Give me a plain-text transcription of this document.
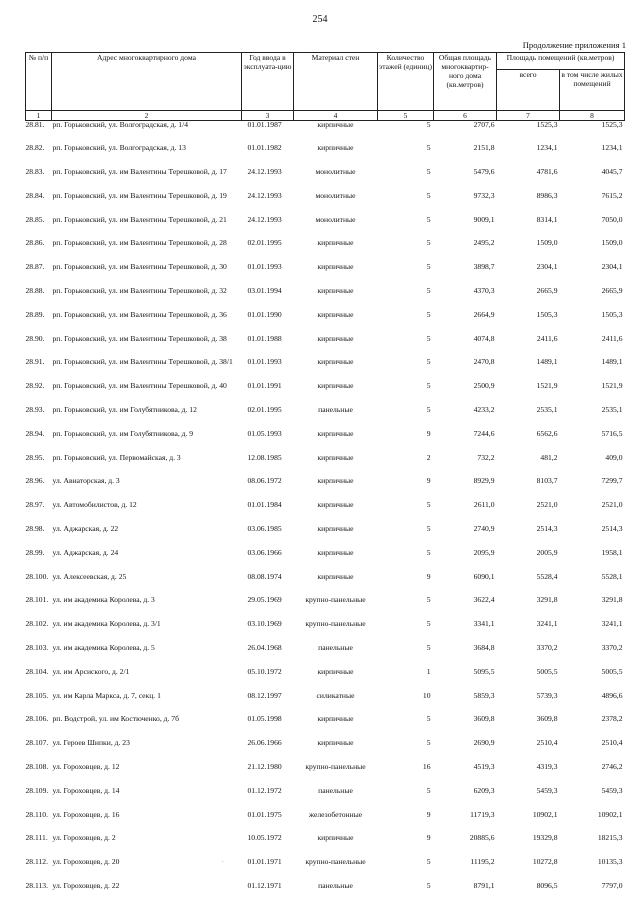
254
Продолжение приложения 1
№ п/п	Адрес многоквартирного дома	Год ввода в эксплуата-цию	Материал стен	Количество этажей (единиц)	Общая площадь многоквартир-ного дома (кв.метров)	Площадь помещений (кв.метров)	
						всего	в том числе жилых помещений
1	2	3	4	5	6	7	8
28.81.	рп. Горьковский, ул. Волгоградская, д. 1/4	01.01.1987	кирпичные	5	2707,6	1525,3	1525,3
28.82.	рп. Горьковский, ул. Волгоградская, д. 13	01.01.1982	кирпичные	5	2151,8	1234,1	1234,1
28.83.	рп. Горьковский, ул. им Валентины Терешковой, д. 17	24.12.1993	монолитные	5	5479,6	4781,6	4045,7
28.84.	рп. Горьковский, ул. им Валентины Терешковой, д. 19	24.12.1993	монолитные	5	9732,3	8986,3	7615,2
28.85.	рп. Горьковский, ул. им Валентины Терешковой, д. 21	24.12.1993	монолитные	5	9009,1	8314,1	7050,0
28.86.	рп. Горьковский, ул. им Валентины Терешковой, д. 28	02.01.1995	кирпичные	5	2495,2	1509,0	1509,0
28.87.	рп. Горьковский, ул. им Валентины Терешковой, д. 30	01.01.1993	кирпичные	5	3898,7	2304,1	2304,1
28.88.	рп. Горьковский, ул. им Валентины Терешковой, д. 32	03.01.1994	кирпичные	5	4370,3	2665,9	2665,9
28.89.	рп. Горьковский, ул. им Валентины Терешковой, д. 36	01.01.1990	кирпичные	5	2664,9	1505,3	1505,3
28.90.	рп. Горьковский, ул. им Валентины Терешковой, д. 38	01.01.1988	кирпичные	5	4074,8	2411,6	2411,6
28.91.	рп. Горьковский, ул. им Валентины Терешковой, д. 38/1	01.01.1993	кирпичные	5	2470,8	1489,1	1489,1
28.92.	рп. Горьковский, ул. им Валентины Терешковой, д. 40	01.01.1991	кирпичные	5	2500,9	1521,9	1521,9
28.93.	рп. Горьковский, ул. им Голубятникова, д. 12	02.01.1995	панельные	5	4233,2	2535,1	2535,1
28.94.	рп. Горьковский, ул. им Голубятникова, д. 9	01.05.1993	кирпичные	9	7244,6	6562,6	5716,5
28.95.	рп. Горьковский, ул. Первомайская, д. 3	12.08.1985	кирпичные	2	732,2	481,2	409,0
28.96.	ул. Авиаторская, д. 3	08.06.1972	кирпичные	9	8929,9	8103,7	7299,7
28.97.	ул. Автомобилистов, д. 12	01.01.1984	кирпичные	5	2611,0	2521,0	2521,0
28.98.	ул. Аджарская, д. 22	03.06.1985	кирпичные	5	2740,9	2514,3	2514,3
28.99.	ул. Аджарская, д. 24	03.06.1966	кирпичные	5	2095,9	2005,9	1958,1
28.100.	ул. Алексеевская, д. 25	08.08.1974	кирпичные	9	6090,1	5528,4	5528,1
28.101.	ул. им академика Королева, д. 3	29.05.1969	крупно-панельные	5	3622,4	3291,8	3291,8
28.102.	ул. им академика Королева, д. 3/1	03.10.1969	крупно-панельные	5	3341,1	3241,1	3241,1
28.103.	ул. им академика Королева, д. 5	26.04.1968	панельные	5	3684,8	3370,2	3370,2
28.104.	ул. им Арсиского, д. 2/1	05.10.1972	кирпичные	1	5095,5	5005,5	5005,5
28.105.	ул. им Карла Маркса, д. 7, секц. 1	08.12.1997	силикатные	10	5859,3	5739,3	4896,6
28.106.	рп. Водстрой, ул. им Костюченко, д. 7б	01.05.1998	кирпичные	5	3609,8	3609,8	2378,2
28.107.	ул. Героев Шипки, д. 23	26.06.1966	кирпичные	5	2690,9	2510,4	2510,4
28.108.	ул. Гороховцев, д. 12	21.12.1980	крупно-панельные	16	4519,3	4319,3	2746,2
28.109.	ул. Гороховцев, д. 14	01.12.1972	панельные	5	6209,3	5459,3	5459,3
28.110.	ул. Гороховцев, д. 16	01.01.1975	железобетонные	9	11719,3	10902,1	10902,1
28.111.	ул. Гороховцев, д. 2	10.05.1972	кирпичные	9	20885,6	19329,8	18215,3
28.112.	ул. Гороховцев, д. 20	01.01.1971	крупно-панельные	5	11195,2	10272,8	10135,3
28.113.	ул. Гороховцев, д. 22	01.12.1971	панельные	5	8791,1	8096,5	7797,0
·
